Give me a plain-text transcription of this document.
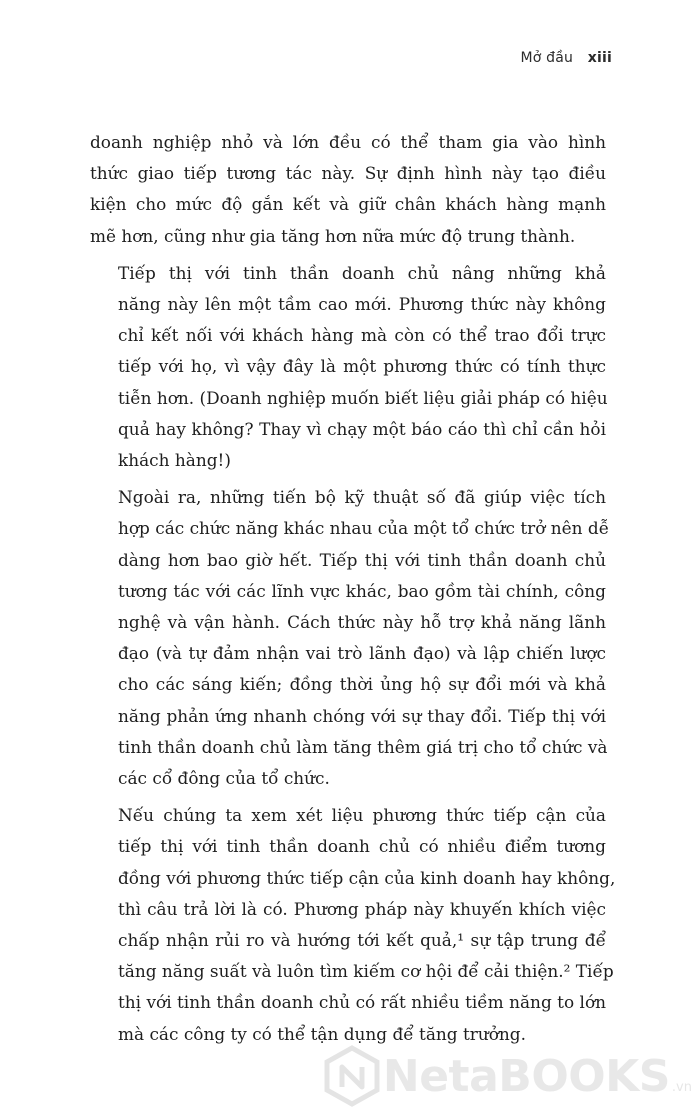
Mở đầu xiii
doanh nghiệp nhỏ và lớn đều có thể tham gia vào hình
thức giao tiếp tương tác này. Sự định hình này tạo điều
kiện cho mức độ gắn kết và giữ chân khách hàng mạnh
mẽ hơn, cũng như gia tăng hơn nữa mức độ trung thành.
Tiếp thị với tinh thần doanh chủ nâng những khả
năng này lên một tầm cao mới. Phương thức này không
chỉ kết nối với khách hàng mà còn có thể trao đổi trực
tiếp với họ, vì vậy đây là một phương thức có tính thực
tiễn hơn. (Doanh nghiệp muốn biết liệu giải pháp có hiệu
quả hay không? Thay vì chạy một báo cáo thì chỉ cần hỏi
khách hàng!)
Ngoài ra, những tiến bộ kỹ thuật số đã giúp việc tích
hợp các chức năng khác nhau của một tổ chức trở nên dễ
dàng hơn bao giờ hết. Tiếp thị với tinh thần doanh chủ
tương tác với các lĩnh vực khác, bao gồm tài chính, công
nghệ và vận hành. Cách thức này hỗ trợ khả năng lãnh
đạo (và tự đảm nhận vai trò lãnh đạo) và lập chiến lược
cho các sáng kiến; đồng thời ủng hộ sự đổi mới và khả
năng phản ứng nhanh chóng với sự thay đổi. Tiếp thị với
tinh thần doanh chủ làm tăng thêm giá trị cho tổ chức và
các cổ đông của tổ chức.
Nếu chúng ta xem xét liệu phương thức tiếp cận của
tiếp thị với tinh thần doanh chủ có nhiều điểm tương
đồng với phương thức tiếp cận của kinh doanh hay không,
thì câu trả lời là có. Phương pháp này khuyến khích việc
chấp nhận rủi ro và hướng tới kết quả,¹ sự tập trung để
tăng năng suất và luôn tìm kiếm cơ hội để cải thiện.² Tiếp
thị với tinh thần doanh chủ có rất nhiều tiềm năng to lớn
mà các công ty có thể tận dụng để tăng trưởng.
NetaBOOKS .vn
